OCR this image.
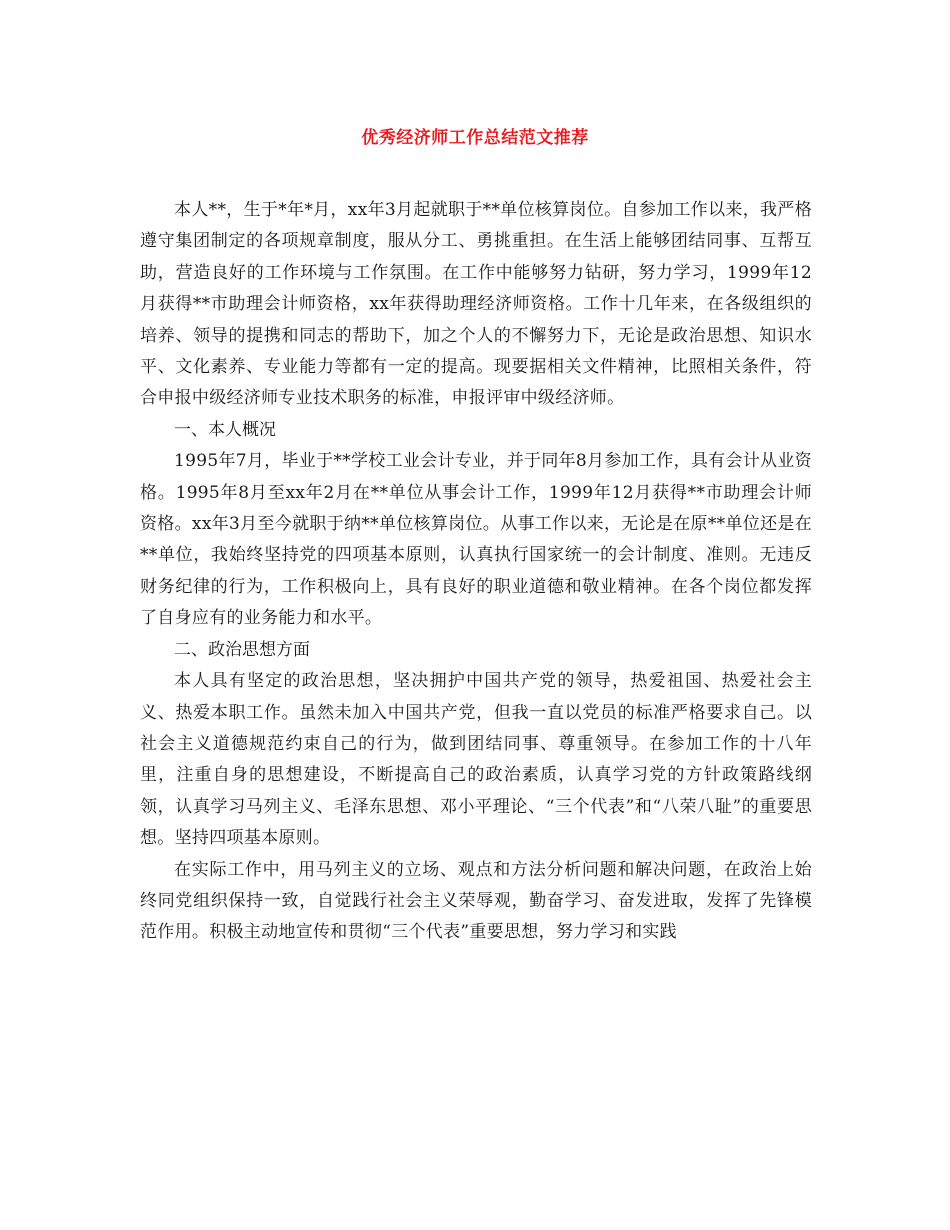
优秀经济师工作总结范文推荐

本人**，生于*年*月，xx年3月起就职于**单位核算岗位。自参加工作以来，我严格遵守集团制定的各项规章制度，服从分工、勇挑重担。在生活上能够团结同事、互帮互助，营造良好的工作环境与工作氛围。在工作中能够努力钻研，努力学习，1999年12月获得**市助理会计师资格，xx年获得助理经济师资格。工作十几年来，在各级组织的培养、领导的提携和同志的帮助下，加之个人的不懈努力下，无论是政治思想、知识水平、文化素养、专业能力等都有一定的提高。现要据相关文件精神，比照相关条件，符合申报中级经济师专业技术职务的标准，申报评审中级经济师。

一、本人概况

1995年7月，毕业于**学校工业会计专业，并于同年8月参加工作，具有会计从业资格。1995年8月至xx年2月在**单位从事会计工作，1999年12月获得**市助理会计师资格。xx年3月至今就职于纳**单位核算岗位。从事工作以来，无论是在原**单位还是在**单位，我始终坚持党的四项基本原则，认真执行国家统一的会计制度、准则。无违反财务纪律的行为，工作积极向上，具有良好的职业道德和敬业精神。在各个岗位都发挥了自身应有的业务能力和水平。

二、政治思想方面

本人具有坚定的政治思想，坚决拥护中国共产党的领导，热爱祖国、热爱社会主义、热爱本职工作。虽然未加入中国共产党，但我一直以党员的标准严格要求自己。以社会主义道德规范约束自己的行为，做到团结同事、尊重领导。在参加工作的十八年里，注重自身的思想建设，不断提高自己的政治素质，认真学习党的方针政策路线纲领，认真学习马列主义、毛泽东思想、邓小平理论、“三个代表”和“八荣八耻”的重要思想。坚持四项基本原则。

在实际工作中，用马列主义的立场、观点和方法分析问题和解决问题，在政治上始终同党组织保持一致，自觉践行社会主义荣辱观，勤奋学习、奋发进取，发挥了先锋模范作用。积极主动地宣传和贯彻“三个代表”重要思想，努力学习和实践
